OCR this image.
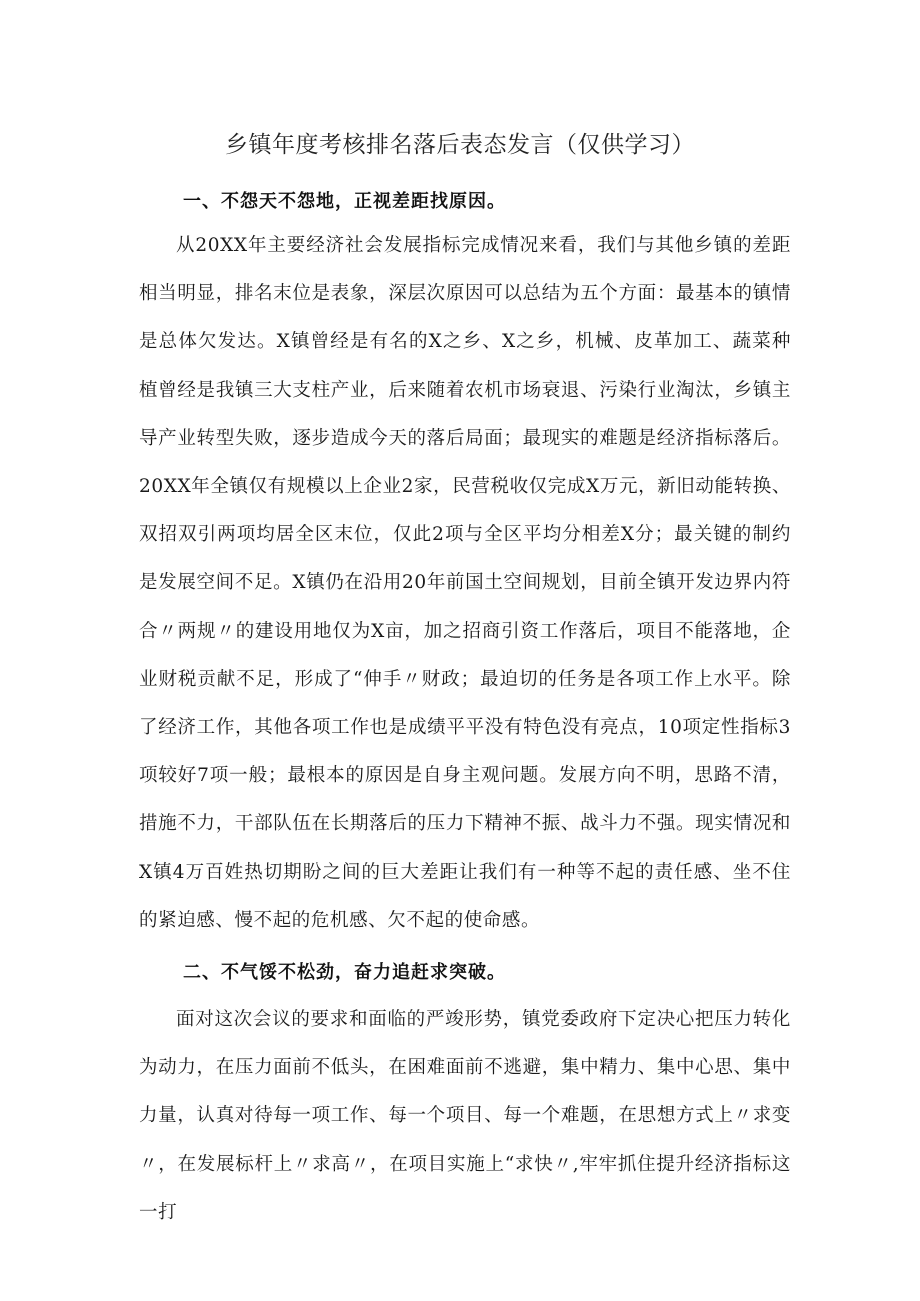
乡镇年度考核排名落后表态发言（仅供学习）
一、不怨天不怨地，正视差距找原因。

从20XX年主要经济社会发展指标完成情况来看，我们与其他乡镇的差距相当明显，排名末位是表象，深层次原因可以总结为五个方面：最基本的镇情是总体欠发达。X镇曾经是有名的X之乡、X之乡，机械、皮革加工、蔬菜种植曾经是我镇三大支柱产业，后来随着农机市场衰退、污染行业淘汰，乡镇主导产业转型失败，逐步造成今天的落后局面；最现实的难题是经济指标落后。20XX年全镇仅有规模以上企业2家，民营税收仅完成X万元，新旧动能转换、双招双引两项均居全区末位，仅此2项与全区平均分相差X分；最关键的制约是发展空间不足。X镇仍在沿用20年前国土空间规划，目前全镇开发边界内符合〃两规〃的建设用地仅为X亩，加之招商引资工作落后，项目不能落地，企业财税贡献不足，形成了“伸手〃财政；最迫切的任务是各项工作上水平。除了经济工作，其他各项工作也是成绩平平没有特色没有亮点，10项定性指标3项较好7项一般；最根本的原因是自身主观问题。发展方向不明，思路不清，措施不力，干部队伍在长期落后的压力下精神不振、战斗力不强。现实情况和X镇4万百姓热切期盼之间的巨大差距让我们有一种等不起的责任感、坐不住的紧迫感、慢不起的危机感、欠不起的使命感。

二、不气馁不松劲，奋力追赶求突破。

面对这次会议的要求和面临的严竣形势，镇党委政府下定决心把压力转化为动力，在压力面前不低头，在困难面前不逃避，集中精力、集中心思、集中力量，认真对待每一项工作、每一个项目、每一个难题，在思想方式上〃求变〃，在发展标杆上〃求高〃，在项目实施上“求快〃,牢牢抓住提升经济指标这一打
